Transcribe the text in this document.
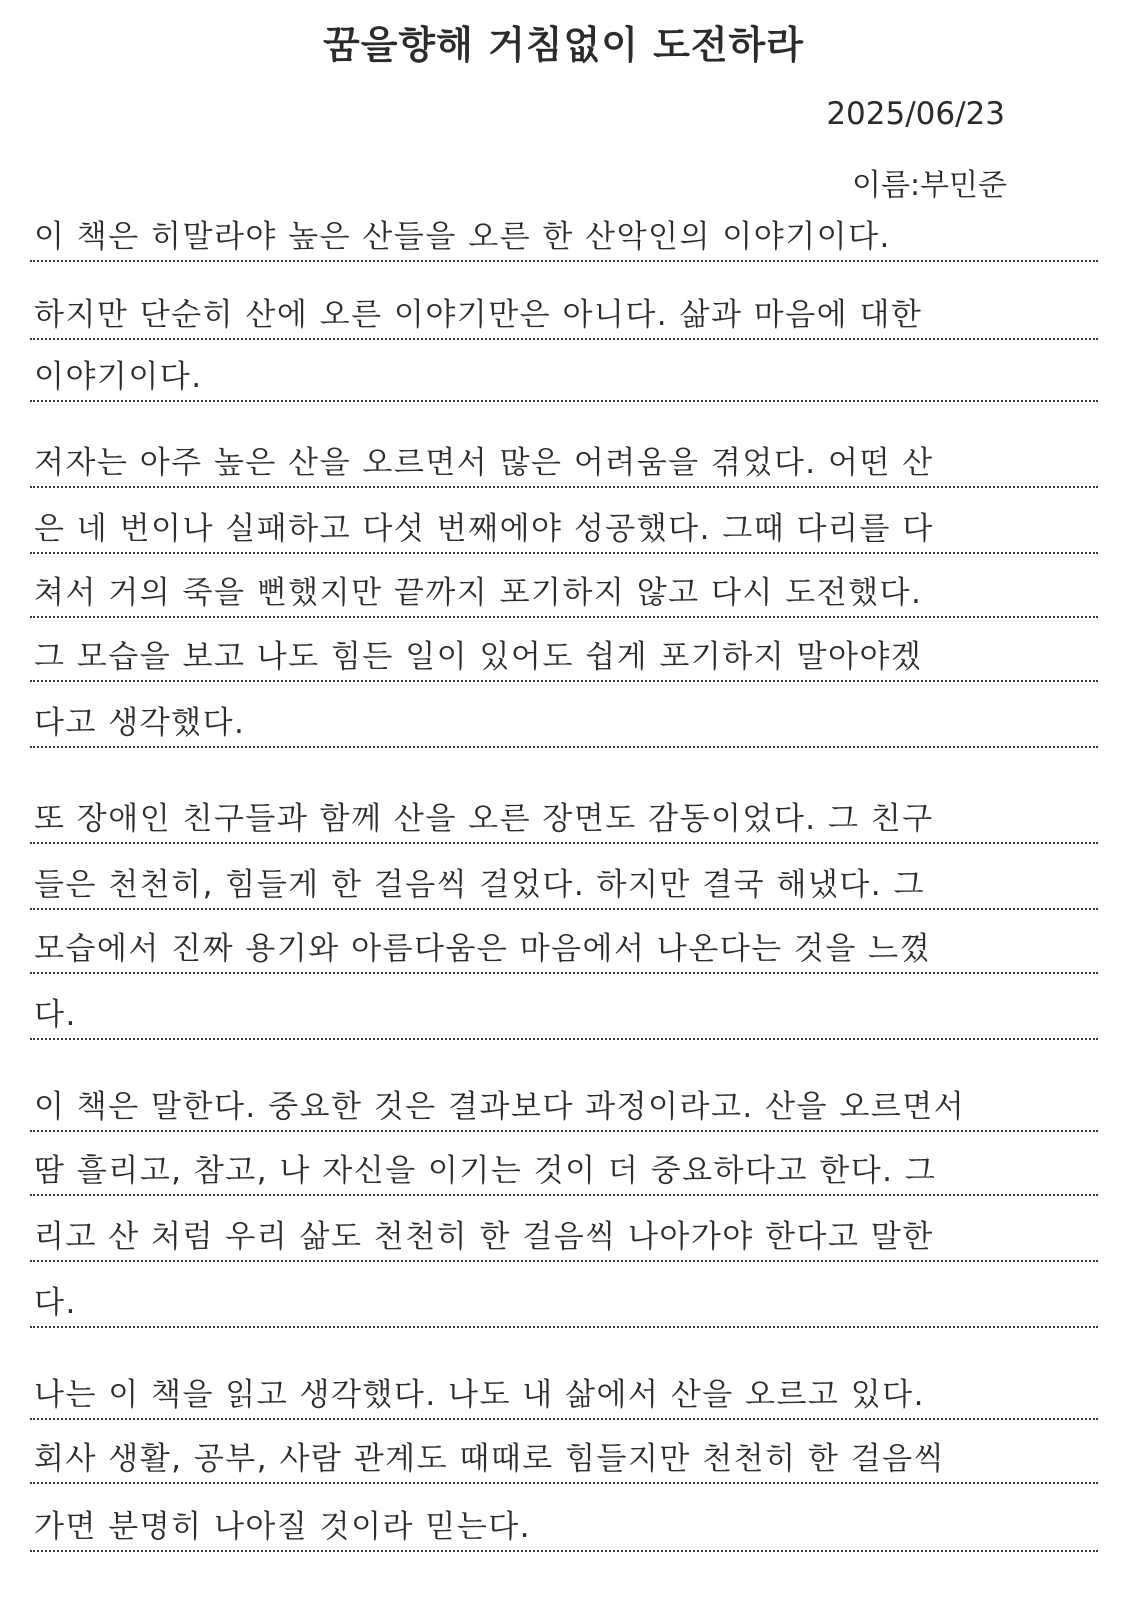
꿈을향해 거침없이 도전하라
2025/06/23
이름:부민준
이 책은 히말라야 높은 산들을 오른 한 산악인의 이야기이다.
하지만 단순히 산에 오른 이야기만은 아니다. 삶과 마음에 대한
이야기이다.
저자는 아주 높은 산을 오르면서 많은 어려움을 겪었다. 어떤 산
은 네 번이나 실패하고 다섯 번째에야 성공했다. 그때 다리를 다
쳐서 거의 죽을 뻔했지만 끝까지 포기하지 않고 다시 도전했다.
그 모습을 보고 나도 힘든 일이 있어도 쉽게 포기하지 말아야겠
다고 생각했다.
또 장애인 친구들과 함께 산을 오른 장면도 감동이었다. 그 친구
들은 천천히, 힘들게 한 걸음씩 걸었다. 하지만 결국 해냈다. 그
모습에서 진짜 용기와 아름다움은 마음에서 나온다는 것을 느꼈
다.
이 책은 말한다. 중요한 것은 결과보다 과정이라고. 산을 오르면서
땀 흘리고, 참고, 나 자신을 이기는 것이 더 중요하다고 한다. 그
리고 산 처럼 우리 삶도 천천히 한 걸음씩 나아가야 한다고 말한
다.
나는 이 책을 읽고 생각했다. 나도 내 삶에서 산을 오르고 있다.
회사 생활, 공부, 사람 관계도 때때로 힘들지만 천천히 한 걸음씩
가면 분명히 나아질 것이라 믿는다.
